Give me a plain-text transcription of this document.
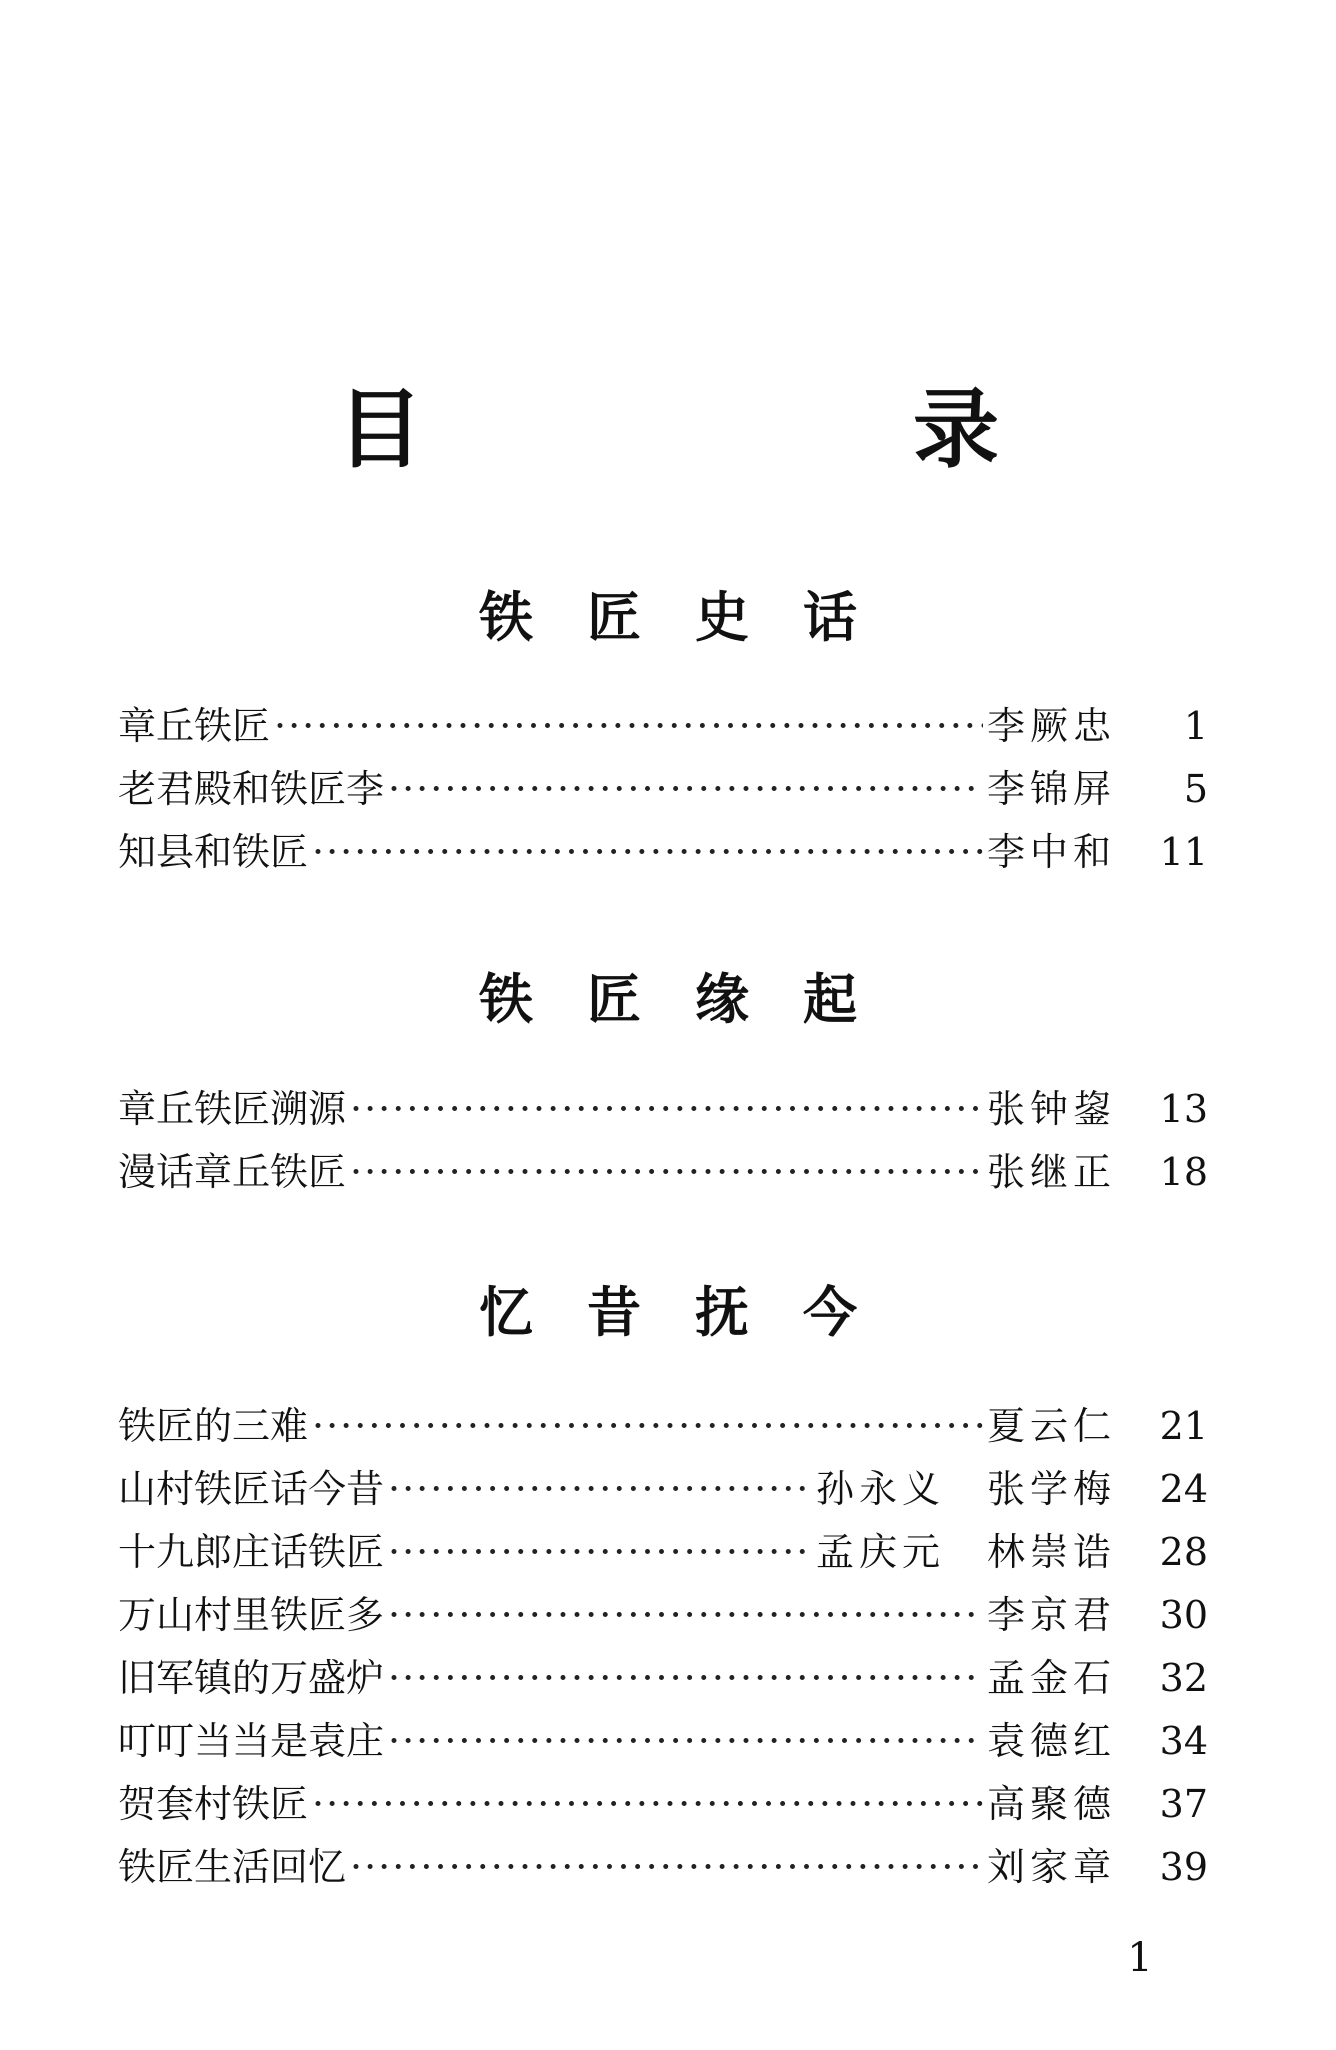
目 录
铁匠史话
章丘铁匠 ·····	李厥忠	1
老君殿和铁匠李 ·····	李锦屏	5
知县和铁匠 ·····	李中和	11
铁匠缘起
章丘铁匠溯源 ·····	张钟鋆	13
漫话章丘铁匠 ·····	张继正	18
忆昔抚今
铁匠的三难 ·····	夏云仁	21
山村铁匠话今昔 ·····	孙永义 张学梅	24
十九郎庄话铁匠 ·····	孟庆元 林崇诰	28
万山村里铁匠多 ·····	李京君	30
旧军镇的万盛炉 ·····	孟金石	32
叮叮当当是袁庄 ·····	袁德红	34
贺套村铁匠 ·····	高聚德	37
铁匠生活回忆 ·····	刘家章	39
1
